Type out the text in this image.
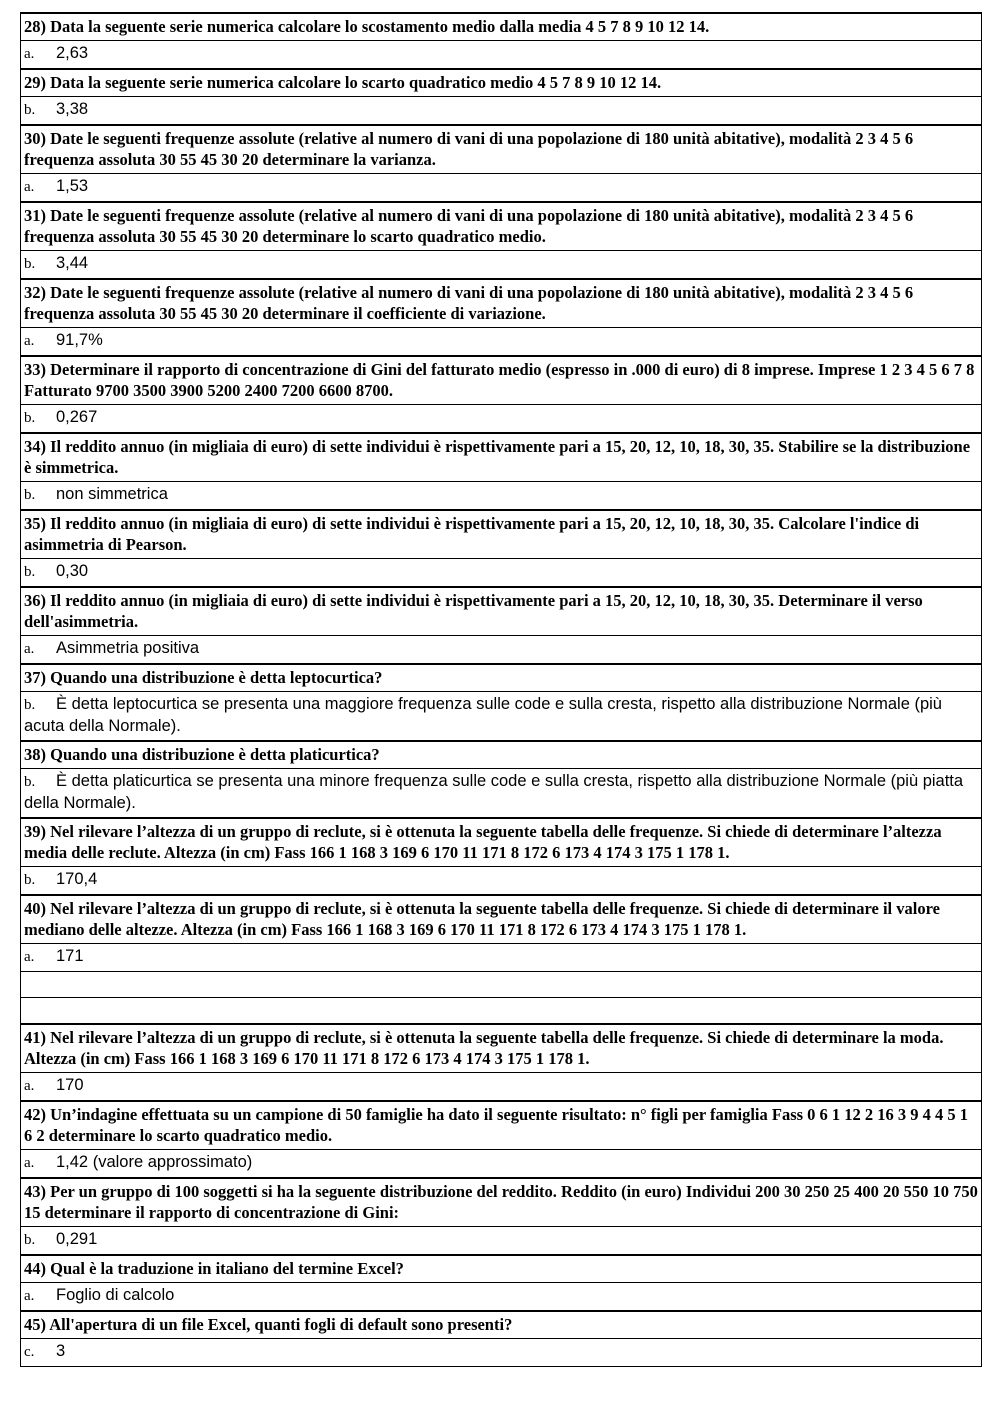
28) Data la seguente serie numerica calcolare lo scostamento medio dalla media 4 5 7 8 9 10 12 14.
a. 2,63
29) Data la seguente serie numerica calcolare lo scarto quadratico medio 4 5 7 8 9 10 12 14.
b. 3,38
30) Date le seguenti frequenze assolute (relative al numero di vani di una popolazione di 180 unità abitative), modalità 2 3 4 5 6 frequenza assoluta 30 55 45 30 20 determinare la varianza.
a. 1,53
31) Date le seguenti frequenze assolute (relative al numero di vani di una popolazione di 180 unità abitative), modalità 2 3 4 5 6 frequenza assoluta 30 55 45 30 20 determinare lo scarto quadratico medio.
b. 3,44
32) Date le seguenti frequenze assolute (relative al numero di vani di una popolazione di 180 unità abitative), modalità 2 3 4 5 6 frequenza assoluta 30 55 45 30 20 determinare il coefficiente di variazione.
a. 91,7%
33) Determinare il rapporto di concentrazione di Gini del fatturato medio (espresso in .000 di euro) di 8 imprese. Imprese 1 2 3 4 5 6 7 8 Fatturato 9700 3500 3900 5200 2400 7200 6600 8700.
b. 0,267
34) Il reddito annuo (in migliaia di euro) di sette individui è rispettivamente pari a 15, 20, 12, 10, 18, 30, 35. Stabilire se la distribuzione è simmetrica.
b. non simmetrica
35) Il reddito annuo (in migliaia di euro) di sette individui è rispettivamente pari a 15, 20, 12, 10, 18, 30, 35. Calcolare l'indice di asimmetria di Pearson.
b. 0,30
36) Il reddito annuo (in migliaia di euro) di sette individui è rispettivamente pari a 15, 20, 12, 10, 18, 30, 35. Determinare il verso dell'asimmetria.
a. Asimmetria positiva
37) Quando una distribuzione è detta leptocurtica?
b. È detta leptocurtica se presenta una maggiore frequenza sulle code e sulla cresta, rispetto alla distribuzione Normale (più acuta della Normale).
38) Quando una distribuzione è detta platicurtica?
b. È detta platicurtica se presenta una minore frequenza sulle code e sulla cresta, rispetto alla distribuzione Normale (più piatta della Normale).
39) Nel rilevare l’altezza di un gruppo di reclute, si è ottenuta la seguente tabella delle frequenze. Si chiede di determinare l’altezza media delle reclute. Altezza (in cm) Fass 166 1 168 3 169 6 170 11 171 8 172 6 173 4 174 3 175 1 178 1.
b. 170,4
40) Nel rilevare l’altezza di un gruppo di reclute, si è ottenuta la seguente tabella delle frequenze. Si chiede di determinare il valore mediano delle altezze. Altezza (in cm) Fass 166 1 168 3 169 6 170 11 171 8 172 6 173 4 174 3 175 1 178 1.
a. 171
41) Nel rilevare l’altezza di un gruppo di reclute, si è ottenuta la seguente tabella delle frequenze. Si chiede di determinare la moda. Altezza (in cm) Fass 166 1 168 3 169 6 170 11 171 8 172 6 173 4 174 3 175 1 178 1.
a. 170
42) Un’indagine effettuata su un campione di 50 famiglie ha dato il seguente risultato: n° figli per famiglia Fass 0 6 1 12 2 16 3 9 4 4 5 1 6 2 determinare lo scarto quadratico medio.
a. 1,42 (valore approssimato)
43) Per un gruppo di 100 soggetti si ha la seguente distribuzione del reddito. Reddito (in euro) Individui 200 30 250 25 400 20 550 10 750 15 determinare il rapporto di concentrazione di Gini:
b. 0,291
44) Qual è la traduzione in italiano del termine Excel?
a. Foglio di calcolo
45) All'apertura di un file Excel, quanti fogli di default sono presenti?
c. 3
